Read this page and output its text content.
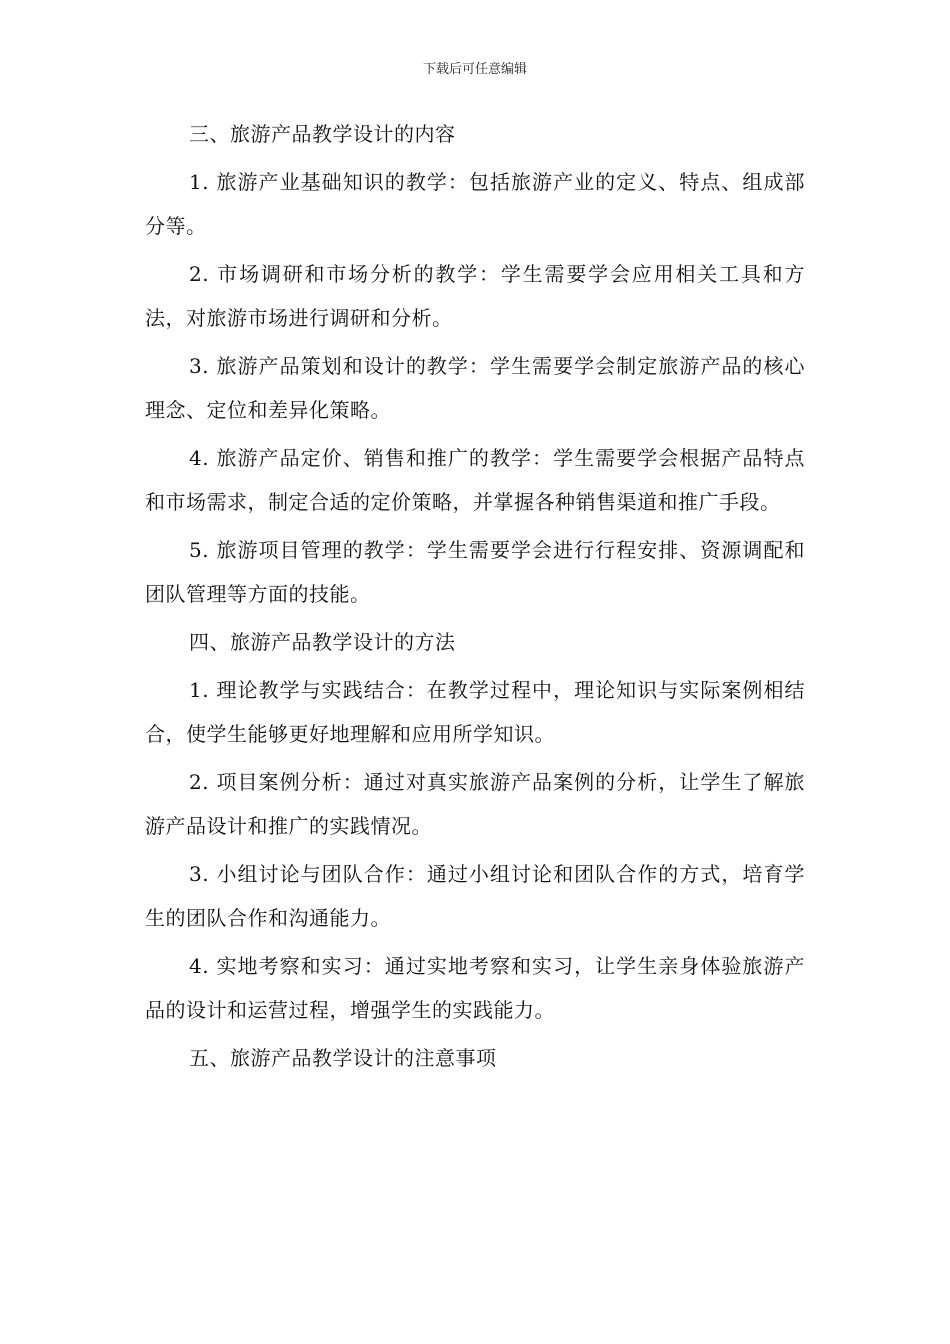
下载后可任意编辑

三、旅游产品教学设计的内容

1. 旅游产业基础知识的教学：包括旅游产业的定义、特点、组成部分等。

2. 市场调研和市场分析的教学：学生需要学会应用相关工具和方法，对旅游市场进行调研和分析。

3. 旅游产品策划和设计的教学：学生需要学会制定旅游产品的核心理念、定位和差异化策略。

4. 旅游产品定价、销售和推广的教学：学生需要学会根据产品特点和市场需求，制定合适的定价策略，并掌握各种销售渠道和推广手段。

5. 旅游项目管理的教学：学生需要学会进行行程安排、资源调配和团队管理等方面的技能。

四、旅游产品教学设计的方法

1. 理论教学与实践结合：在教学过程中，理论知识与实际案例相结合，使学生能够更好地理解和应用所学知识。

2. 项目案例分析：通过对真实旅游产品案例的分析，让学生了解旅游产品设计和推广的实践情况。

3. 小组讨论与团队合作：通过小组讨论和团队合作的方式，培育学生的团队合作和沟通能力。

4. 实地考察和实习：通过实地考察和实习，让学生亲身体验旅游产品的设计和运营过程，增强学生的实践能力。

五、旅游产品教学设计的注意事项
